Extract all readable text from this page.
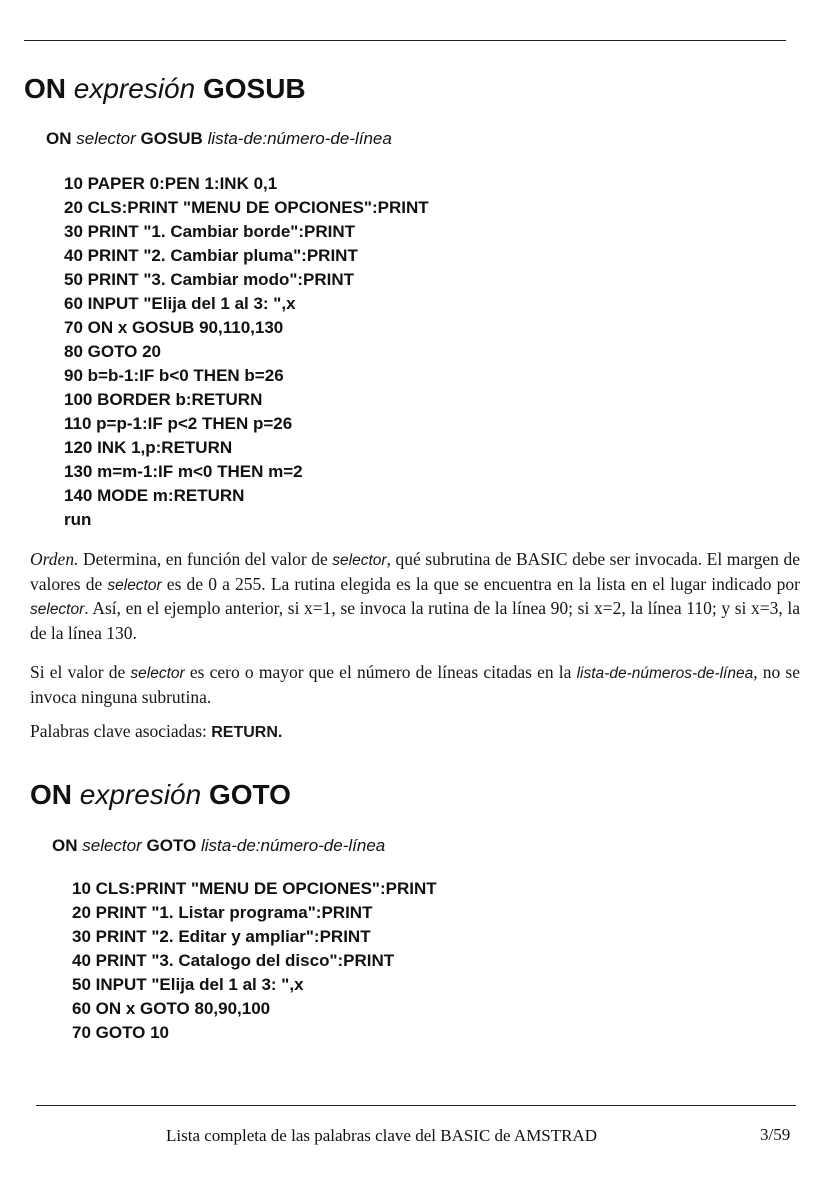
ON expresión GOSUB
ON selector GOSUB lista-de:número-de-línea
10 PAPER 0:PEN 1:INK 0,1
20 CLS:PRINT "MENU DE OPCIONES":PRINT
30 PRINT "1. Cambiar borde":PRINT
40 PRINT "2. Cambiar pluma":PRINT
50 PRINT "3. Cambiar modo":PRINT
60 INPUT "Elija del 1 al 3: ",x
70 ON x GOSUB 90,110,130
80 GOTO 20
90 b=b-1:IF b<0 THEN b=26
100 BORDER b:RETURN
110 p=p-1:IF p<2 THEN p=26
120 INK 1,p:RETURN
130 m=m-1:IF m<0 THEN m=2
140 MODE m:RETURN
run

Orden. Determina, en función del valor de selector, qué subrutina de BASIC debe ser invocada. El margen de valores de selector es de 0 a 255. La rutina elegida es la que se encuentra en la lista en el lugar indicado por selector. Así, en el ejemplo anterior, si x=1, se invoca la rutina de la línea 90; si x=2, la línea 110; y si x=3, la de la línea 130.

Si el valor de selector es cero o mayor que el número de líneas citadas en la lista-de-números-de-línea, no se invoca ninguna subrutina.

Palabras clave asociadas: RETURN.

ON expresión GOTO
ON selector GOTO lista-de:número-de-línea
10 CLS:PRINT "MENU DE OPCIONES":PRINT
20 PRINT "1. Listar programa":PRINT
30 PRINT "2. Editar y ampliar":PRINT
40 PRINT "3. Catalogo del disco":PRINT
50 INPUT "Elija del 1 al 3: ",x
60 ON x GOTO 80,90,100
70 GOTO 10
Lista completa de las palabras clave del BASIC de AMSTRAD	3/59
